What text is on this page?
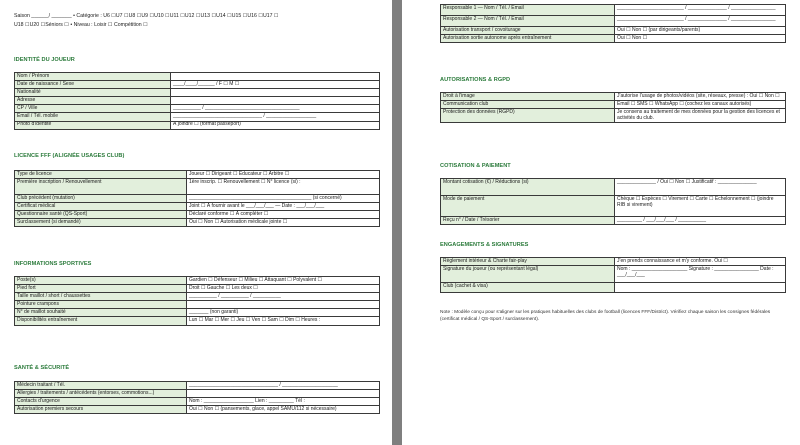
Saison ______/ _______ • Catégorie : U6 ☐U7 ☐U8 ☐U9 ☐U10 ☐U11 ☐U12 ☐U13 ☐U14 ☐U15 ☐U16 ☐U17 ☐
U18 ☐U20 ☐Séniors ☐ • Niveau : Loisir ☐ Compétition ☐
IDENTITÉ DU JOUEUR
Nom / Prénom	
Date de naissance / Sexe	____/____/______ / F ☐ M ☐
Nationalité	
Adresse	
CP / Ville	__________ / __________________________________
Email / Tél. mobile	________________________________ / __________________
Photo d'identité	À joindre ☐ (format passeport)
LICENCE FFF (ALIGNÉE USAGES CLUB)
Type de licence	Joueur ☐ Dirigeant ☐ Éducateur ☐ Arbitre ☐
Première inscription / Renouvellement	1ère inscrip. ☐ Renouvellement ☐ N° licence (si) :
Club précédent (mutation)	____________________________________________ (si concerné)
Certificat médical	Joint ☐ À fournir avant le ___/___/___ — Date : ___/___/___
Questionnaire santé (QS-Sport)	Déclaré conforme ☐ À compléter ☐
Surclassement (si demandé)	Oui ☐ Non ☐ Autorisation médicale jointe ☐
INFORMATIONS SPORTIVES
Poste(s)	Gardien ☐ Défenseur ☐ Milieu ☐ Attaquant ☐ Polyvalent ☐
Pied fort	Droit ☐ Gauche ☐ Les deux ☐
Taille maillot / short / chaussettes	__________ / __________ / __________
Pointure crampons	
N° de maillot souhaité	_______ (non garanti)
Disponibilités entraînement	Lun ☐ Mar ☐ Mer ☐ Jeu ☐ Ven ☐ Sam ☐ Dim ☐ Heures :
SANTÉ & SÉCURITÉ
Médecin traitant / Tél.	________________________________ / ____________________
Allergies / traitements / antécédents (entorses, commotions...)	
Contacts d'urgence	Nom : __________________ Lien : _________ Tél :
Autorisation premiers secours	Oui ☐ Non ☐ (pansements, glace, appel SAMU/112 si nécessaire)
Responsable 1 — Nom / Tél. / Email	________________________ / ______________ / ________________
Responsable 2 — Nom / Tél. / Email	________________________ / ______________ / ________________
Autorisation transport / covoiturage	Oui ☐ Non ☐ (par dirigeants/parents)
Autorisation sortie autonome après entraînement	Oui ☐ Non ☐
AUTORISATIONS & RGPD
Droit à l'image	J'autorise l'usage de photos/vidéos (site, réseaux, presse) : Oui ☐ Non ☐
Communication club	Email ☐ SMS ☐ WhatsApp ☐ (cochez les canaux autorisés)
Protection des données (RGPD)	Je consens au traitement de mes données pour la gestion des licences et activités du club.
COTISATION & PAIEMENT
Montant cotisation (€) / Réductions (si)	______________ / Oui ☐ Non ☐ Justificatif : ______________
Mode de paiement	Chèque ☐ Espèces ☐ Virement ☐ Carte ☐ Échelonnement ☐ (joindre RIB si virement)
Reçu n° / Date / Trésorier	_________ / ___/___/___ / __________
ENGAGEMENTS & SIGNATURES
Règlement intérieur & Charte fair-play	J'en prends connaissance et m'y conforme. Oui ☐
Signature du joueur (ou représentant légal)	Nom : ____________________ Signature : ________________ Date : ___/___/___
Club (cachet & visa)	
Note : Modèle conçu pour s'aligner sur les pratiques habituelles des clubs de football (licences FFF/District). Vérifiez chaque saison les consignes fédérales (certificat médical / QS-Sport / surclassement).
